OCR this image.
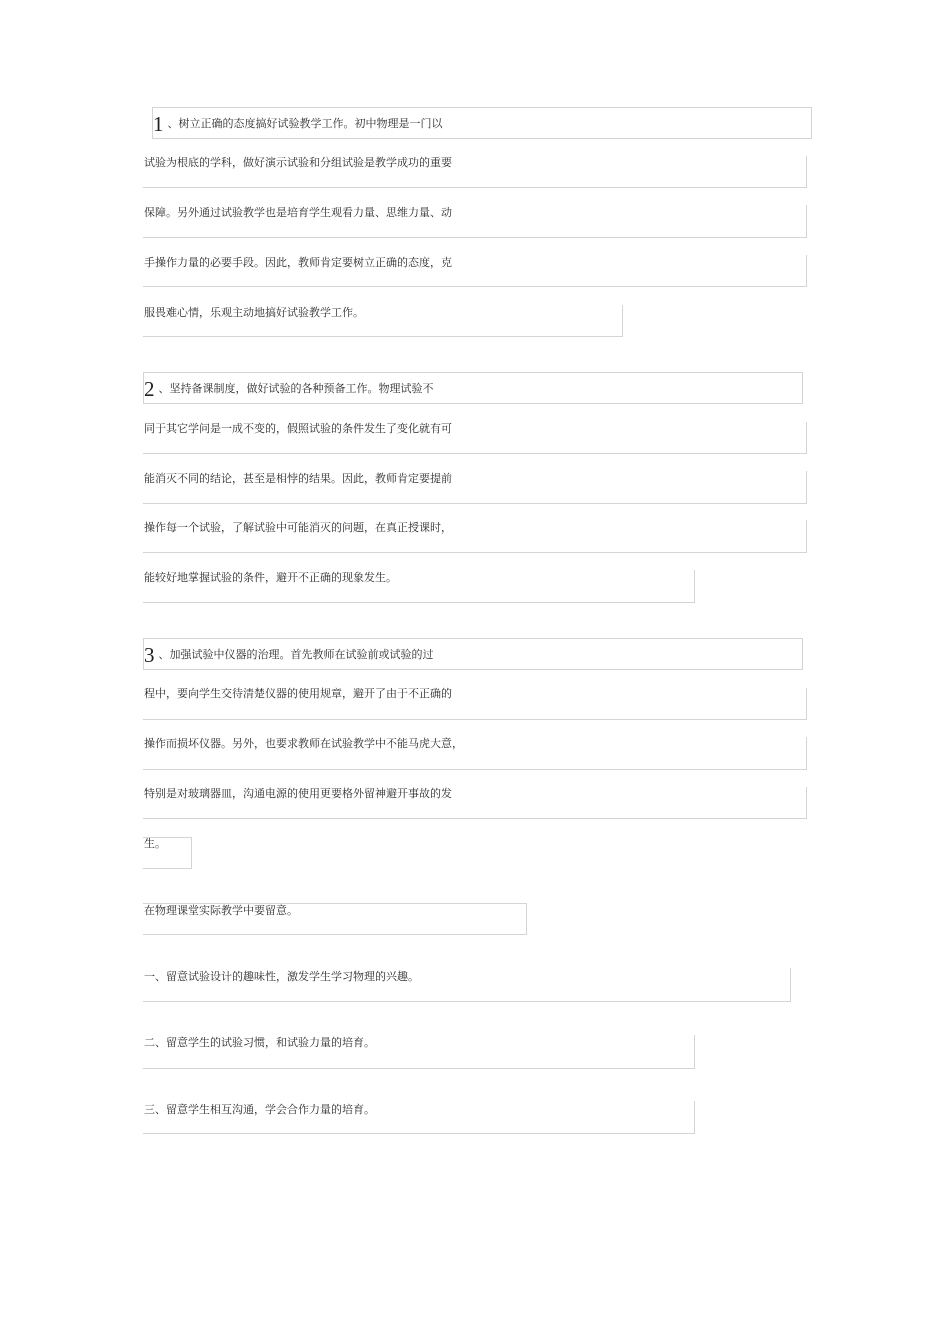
1 、树立正确的态度搞好试验教学工作。初中物理是一门以
试验为根底的学科，做好演示试验和分组试验是教学成功的重要
保障。另外通过试验教学也是培育学生观看力量、思维力量、动
手操作力量的必要手段。因此，教师肯定要树立正确的态度，克
服畏难心情，乐观主动地搞好试验教学工作。
2 、坚持备课制度，做好试验的各种预备工作。物理试验不
同于其它学问是一成不变的，假照试验的条件发生了变化就有可
能消灭不同的结论，甚至是相悖的结果。因此，教师肯定要提前
操作每一个试验，了解试验中可能消灭的问题，在真正授课时，
能较好地掌握试验的条件，避开不正确的现象发生。
3 、加强试验中仪器的治理。首先教师在试验前或试验的过
程中，要向学生交待清楚仪器的使用规章，避开了由于不正确的
操作而损坏仪器。另外，也要求教师在试验教学中不能马虎大意，
特别是对玻璃器皿，沟通电源的使用更要格外留神避开事故的发
生。
在物理课堂实际教学中要留意。
一、留意试验设计的趣味性，激发学生学习物理的兴趣。
二、留意学生的试验习惯，和试验力量的培育。
三、留意学生相互沟通，学会合作力量的培育。
